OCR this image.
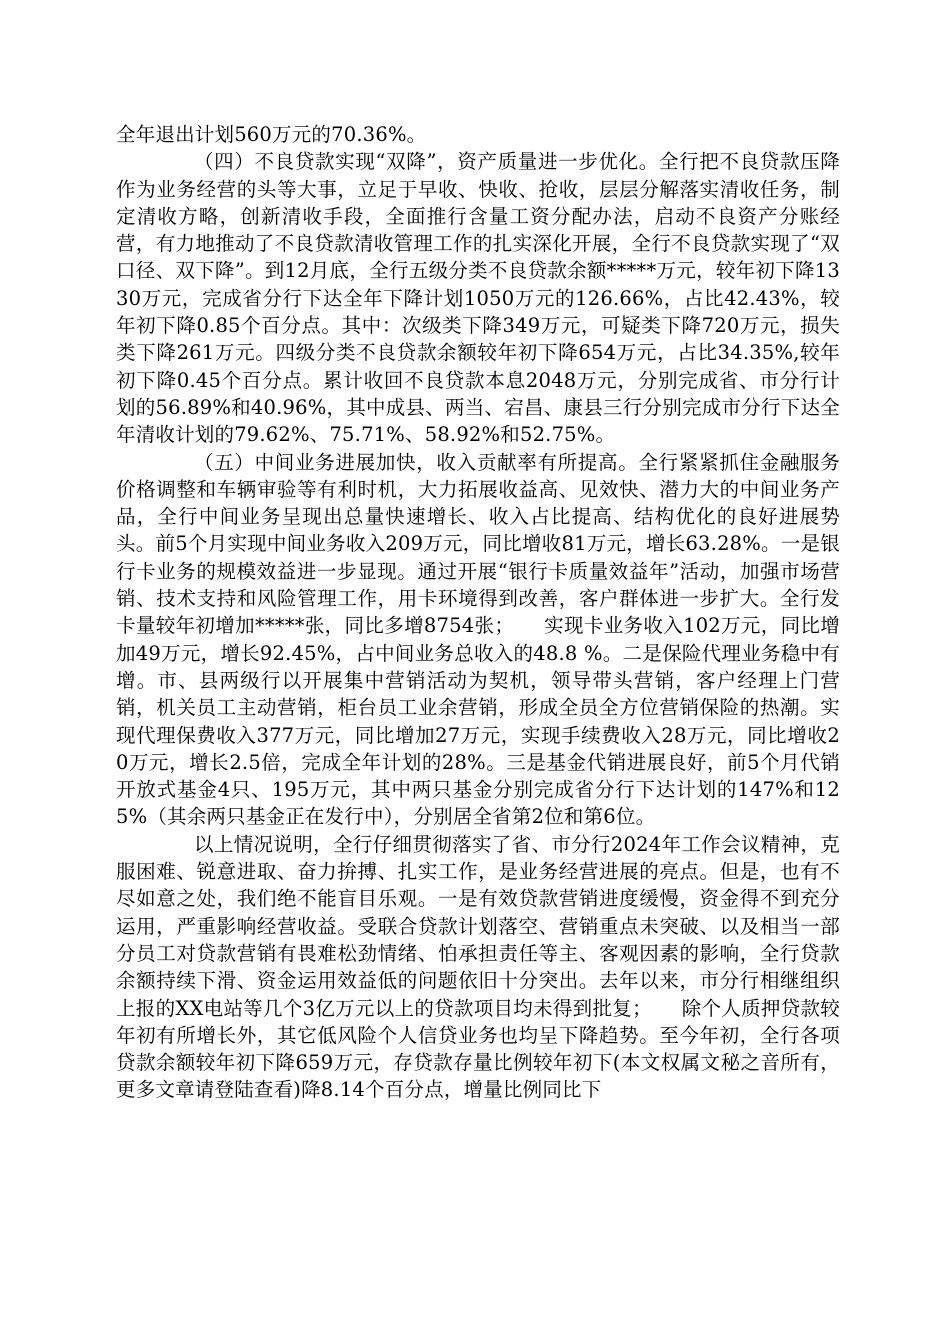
全年退出计划560万元的70.36%。

（四）不良贷款实现“双降”，资产质量进一步优化。全行把不良贷款压降作为业务经营的头等大事，立足于早收、快收、抢收，层层分解落实清收任务，制定清收方略，创新清收手段，全面推行含量工资分配办法，启动不良资产分账经营，有力地推动了不良贷款清收管理工作的扎实深化开展，全行不良贷款实现了“双口径、双下降”。到12月底，全行五级分类不良贷款余额*****万元，较年初下降1330万元，完成省分行下达全年下降计划1050万元的126.66%，占比42.43%，较年初下降0.85个百分点。其中：次级类下降349万元，可疑类下降720万元，损失类下降261万元。四级分类不良贷款余额较年初下降654万元，占比34.35%,较年初下降0.45个百分点。累计收回不良贷款本息2048万元，分别完成省、市分行计划的56.89%和40.96%，其中成县、两当、宕昌、康县三行分别完成市分行下达全年清收计划的79.62%、75.71%、58.92%和52.75%。

（五）中间业务进展加快，收入贡献率有所提高。全行紧紧抓住金融服务价格调整和车辆审验等有利时机，大力拓展收益高、见效快、潜力大的中间业务产品，全行中间业务呈现出总量快速增长、收入占比提高、结构优化的良好进展势头。前5个月实现中间业务收入209万元，同比增收81万元，增长63.28%。一是银行卡业务的规模效益进一步显现。通过开展“银行卡质量效益年”活动，加强市场营销、技术支持和风险管理工作，用卡环境得到改善，客户群体进一步扩大。全行发卡量较年初增加*****张，同比多增8754张；　　实现卡业务收入102万元，同比增加49万元，增长92.45%，占中间业务总收入的48.8 %。二是保险代理业务稳中有增。市、县两级行以开展集中营销活动为契机，领导带头营销，客户经理上门营销，机关员工主动营销，柜台员工业余营销，形成全员全方位营销保险的热潮。实现代理保费收入377万元，同比增加27万元，实现手续费收入28万元，同比增收20万元，增长2.5倍，完成全年计划的28%。三是基金代销进展良好，前5个月代销开放式基金4只、195万元，其中两只基金分别完成省分行下达计划的147%和125%（其余两只基金正在发行中），分别居全省第2位和第6位。

以上情况说明，全行仔细贯彻落实了省、市分行2024年工作会议精神，克服困难、锐意进取、奋力拚搏、扎实工作，是业务经营进展的亮点。但是，也有不尽如意之处，我们绝不能盲目乐观。一是有效贷款营销进度缓慢，资金得不到充分运用，严重影响经营收益。受联合贷款计划落空、营销重点未突破、以及相当一部分员工对贷款营销有畏难松劲情绪、怕承担责任等主、客观因素的影响，全行贷款余额持续下滑、资金运用效益低的问题依旧十分突出。去年以来，市分行相继组织上报的XX电站等几个3亿万元以上的贷款项目均未得到批复；　　除个人质押贷款较年初有所增长外，其它低风险个人信贷业务也均呈下降趋势。至今年初，全行各项贷款余额较年初下降659万元，存贷款存量比例较年初下(本文权属文秘之音所有，更多文章请登陆查看)降8.14个百分点，增量比例同比下
